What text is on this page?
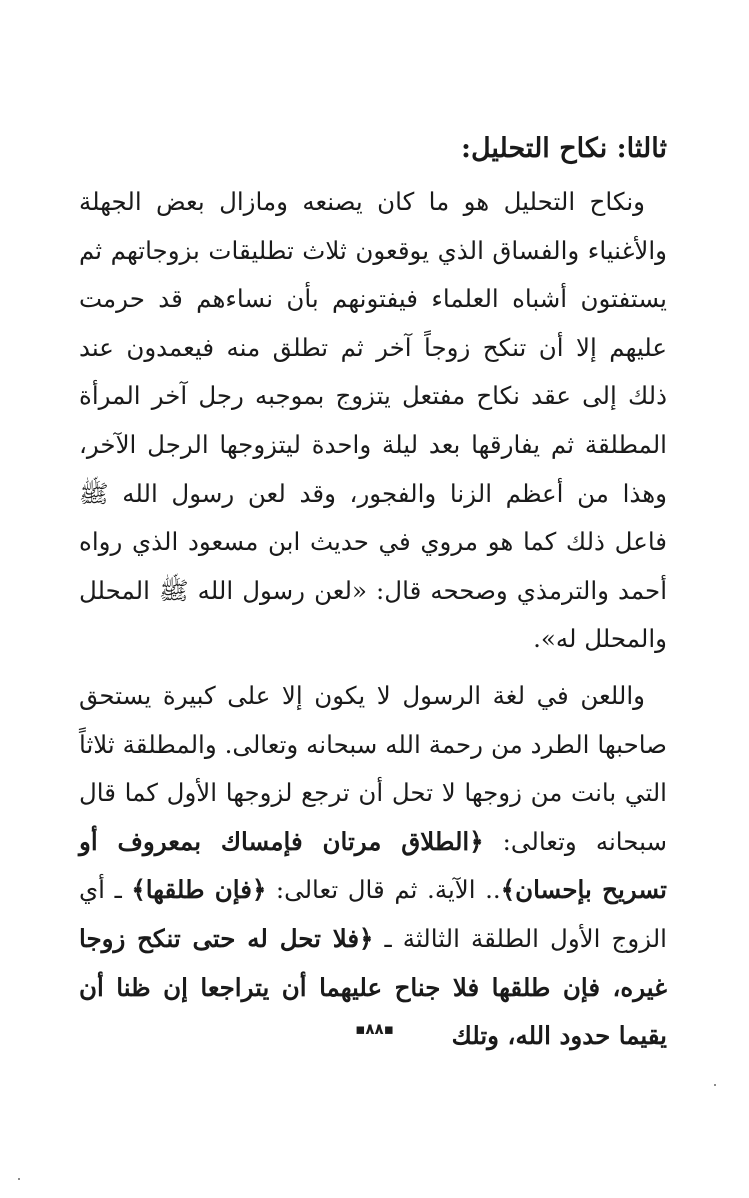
ثالثا: نكاح التحليل:

ونكاح التحليل هو ما كان يصنعه ومازال بعض الجهلة والأغنياء والفساق الذي يوقعون ثلاث تطليقات بزوجاتهم ثم يستفتون أشباه العلماء فيفتونهم بأن نساءهم قد حرمت عليهم إلا أن تنكح زوجاً آخر ثم تطلق منه فيعمدون عند ذلك إلى عقد نكاح مفتعل يتزوج بموجبه رجل آخر المرأة المطلقة ثم يفارقها بعد ليلة واحدة ليتزوجها الرجل الآخر، وهذا من أعظم الزنا والفجور، وقد لعن رسول الله ﷺ فاعل ذلك كما هو مروي في حديث ابن مسعود الذي رواه أحمد والترمذي وصححه قال: «لعن رسول الله ﷺ المحلل والمحلل له».

واللعن في لغة الرسول لا يكون إلا على كبيرة يستحق صاحبها الطرد من رحمة الله سبحانه وتعالى. والمطلقة ثلاثاً التي بانت من زوجها لا تحل أن ترجع لزوجها الأول كما قال سبحانه وتعالى: ﴿الطلاق مرتان فإمساك بمعروف أو تسريح بإحسان﴾.. الآية. ثم قال تعالى: ﴿فإن طلقها﴾ ـ أي الزوج الأول الطلقة الثالثة ـ ﴿فلا تحل له حتى تنكح زوجا غيره، فإن طلقها فلا جناح عليهما أن يتراجعا إن ظنا أن يقيما حدود الله، وتلك

▪٨٨▪
